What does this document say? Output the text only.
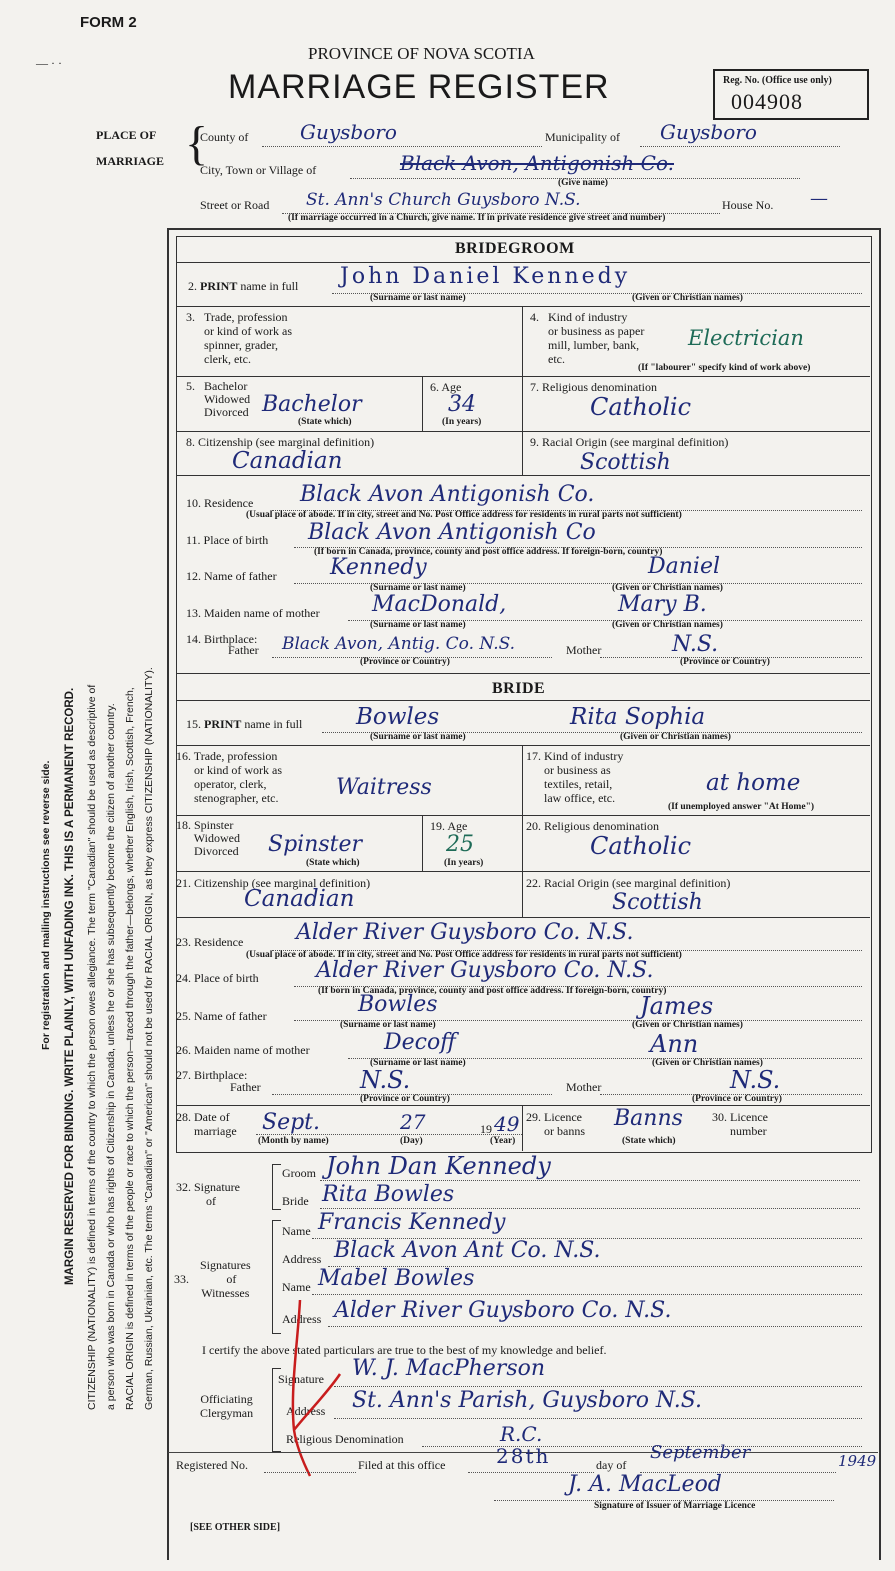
FORM 2
PROVINCE OF NOVA SCOTIA
MARRIAGE REGISTER	Reg. No. (Office use only)
004908
PLACE OF
MARRIAGE {
County of	Guysboro	Municipality of Guysboro
City, Town or Village of	Black Avon, Antigonish Co.
(Give name)
Street or Road St. Ann's Church Guysboro N.S.	House No. —
(If marriage occurred in a Church, give name. If in private residence give street and number)
For registration and mailing instructions see reverse side. MARGIN RESERVED FOR BINDING. WRITE PLAINLY, WITH UNFADING INK. THIS IS A PERMANENT RECORD. CITIZENSHIP (NATIONALITY) is defined in terms of the country to which the person owes allegiance. The term "Canadian" should be used as descriptive of a person who was born in Canada or who has rights of Citizenship in Canada, unless he or she has subsequently become the citizen of another country. RACIAL ORIGIN is defined in terms of the people or race to which the person—traced through the father—belongs, whether English, Irish, Scottish, French, German, Russian, Ukrainian, etc. The terms "Canadian" or "American" should not be used for RACIAL ORIGIN, as they express CITIZENSHIP (NATIONALITY).
— · ·
BRIDEGROOM
2. PRINT name in full John Daniel Kennedy
(Surname or last name)	(Given or Christian names)
3. Trade, profession
or kind of work as
spinner, grader,
clerk, etc.
4. Kind of industry
or business as paper
mill, lumber, bank,
etc.
Electrician
(If "labourer" specify kind of work above)
5. Bachelor
Widowed
Divorced Bachelor
(State which)
6. Age
34
(In years)
7. Religious denomination
Catholic
8. Citizenship (see marginal definition)
Canadian
9. Racial Origin (see marginal definition)
Scottish
10. Residence Black Avon Antigonish Co.
(Usual place of abode. If in city, street and No. Post Office address for residents in rural parts not sufficient)
11. Place of birth Black Avon Antigonish Co
(If born in Canada, province, county and post office address. If foreign-born, country)
12. Name of father Kennedy	Daniel
(Surname or last name)	(Given or Christian names)
13. Maiden name of mother MacDonald,	Mary B.
(Surname or last name)	(Given or Christian names)
14. Birthplace:
Father Black Avon, Antig. Co. N.S.	Mother	N.S.
(Province or Country)	(Province or Country)
BRIDE
15. PRINT name in full Bowles	Rita Sophia
(Surname or last name)	(Given or Christian names)
16. Trade, profession
or kind of work as
operator, clerk,
stenographer, etc.	Waitress
17. Kind of industry
or business as
textiles, retail,
law office, etc.
at home
(If unemployed answer "At Home")
18. Spinster
Widowed
Divorced Spinster
(State which)
19. Age
25
(In years)
20. Religious denomination
Catholic
21. Citizenship (see marginal definition)
Canadian
22. Racial Origin (see marginal definition)
Scottish
23. Residence Alder River Guysboro Co. N.S.
(Usual place of abode. If in city, street and No. Post Office address for residents in rural parts not sufficient)
24. Place of birth	Alder River Guysboro Co. N.S.
(If born in Canada, province, county and post office address. If foreign-born, country)
25. Name of father	Bowles	James
(Surname or last name)	(Given or Christian names)
26. Maiden name of mother	Decoff	Ann
(Surname or last name)	(Given or Christian names)
27. Birthplace:
Father	N.S.	Mother	N.S.
(Province or Country)	(Province or Country)
28. Date of
marriage Sept.	27	19 49
(Month by name)	(Day)	(Year)
29. Licence
or banns Banns
(State which)
30. Licence
number
32. Signature
of
Groom John Dan Kennedy
Bride Rita Bowles
33.
Signatures
of
Witnesses
Name Francis Kennedy
Address Black Avon Ant Co. N.S.
Name Mabel Bowles
Address Alder River Guysboro Co. N.S.
I certify the above stated particulars are true to the best of my knowledge and belief.
Officiating
Clergyman
Signature W. J. MacPherson
Address St. Ann's Parish, Guysboro N.S.
Religious Denomination	R.C.
Registered No.	Filed at this office	28th	day of
September	1949
J. A. MacLeod
Signature of Issuer of Marriage Licence
[SEE OTHER SIDE]
